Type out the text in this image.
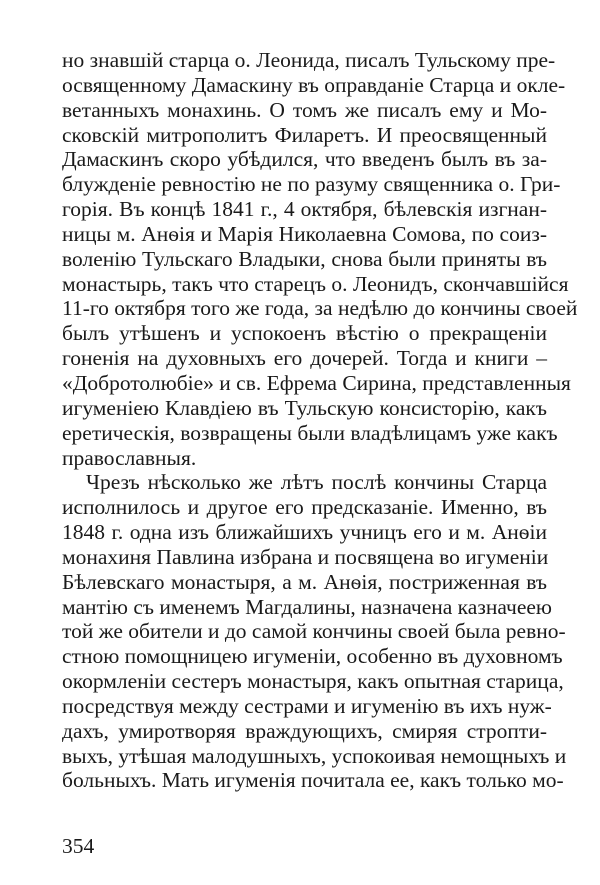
но знавшій старца о. Леонида, писалъ Тульскому пре-
освященному Дамаскину въ оправданіе Старца и окле-
ветанныхъ монахинь. О томъ же писалъ ему и Мо-
сковскій митрополитъ Филаретъ. И преосвященный
Дамаскинъ скоро убѣдился, что введенъ былъ въ за-
блужденіе ревностію не по разуму священника о. Гри-
горія. Въ концѣ 1841 г., 4 октября, бѣлевскія изгнан-
ницы м. Анѳія и Марія Николаевна Сомова, по соиз-
воленію Тульскаго Владыки, снова были приняты въ
монастырь, такъ что старецъ о. Леонидъ, скончавшійся
11-го октября того же года, за недѣлю до кончины своей
былъ утѣшенъ и успокоенъ вѣстію о прекращеніи
гоненія на духовныхъ его дочерей. Тогда и книги –
«Добротолюбіе» и св. Ефрема Сирина, представленныя
игуменіею Клавдіею въ Тульскую консисторію, какъ
еретическія, возвращены были владѣлицамъ уже какъ
православныя.
Чрезъ нѣсколько же лѣтъ послѣ кончины Старца
исполнилось и другое его предсказаніе. Именно, въ
1848 г. одна изъ ближайшихъ учницъ его и м. Анѳіи
монахиня Павлина избрана и посвящена во игуменіи
Бѣлевскаго монастыря, а м. Анѳія, постриженная въ
мантію съ именемъ Магдалины, назначена казначеею
той же обители и до самой кончины своей была ревно-
стною помощницею игуменіи, особенно въ духовномъ
окормленіи сестеръ монастыря, какъ опытная старица,
посредствуя между сестрами и игуменію въ ихъ нуж-
дахъ, умиротворяя враждующихъ, смиряя стропти-
выхъ, утѣшая малодушныхъ, успокоивая немощныхъ и
больныхъ. Мать игуменія почитала ее, какъ только мо-
354
